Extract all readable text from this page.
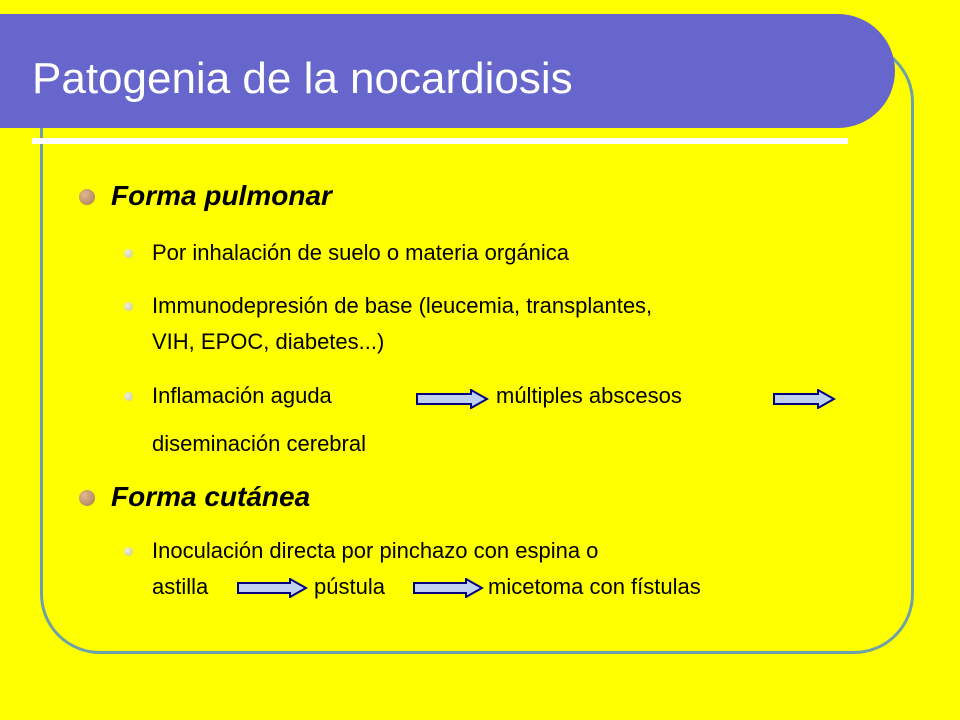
Patogenia de la nocardiosis
Forma pulmonar
Por inhalación de suelo o materia orgánica
Immunodepresión de base (leucemia, transplantes,
VIH, EPOC, diabetes...)
Inflamación aguda	múltiples abscesos
diseminación cerebral
Forma cutánea
Inoculación directa por pinchazo con espina o
astilla	pústula	micetoma con fístulas
